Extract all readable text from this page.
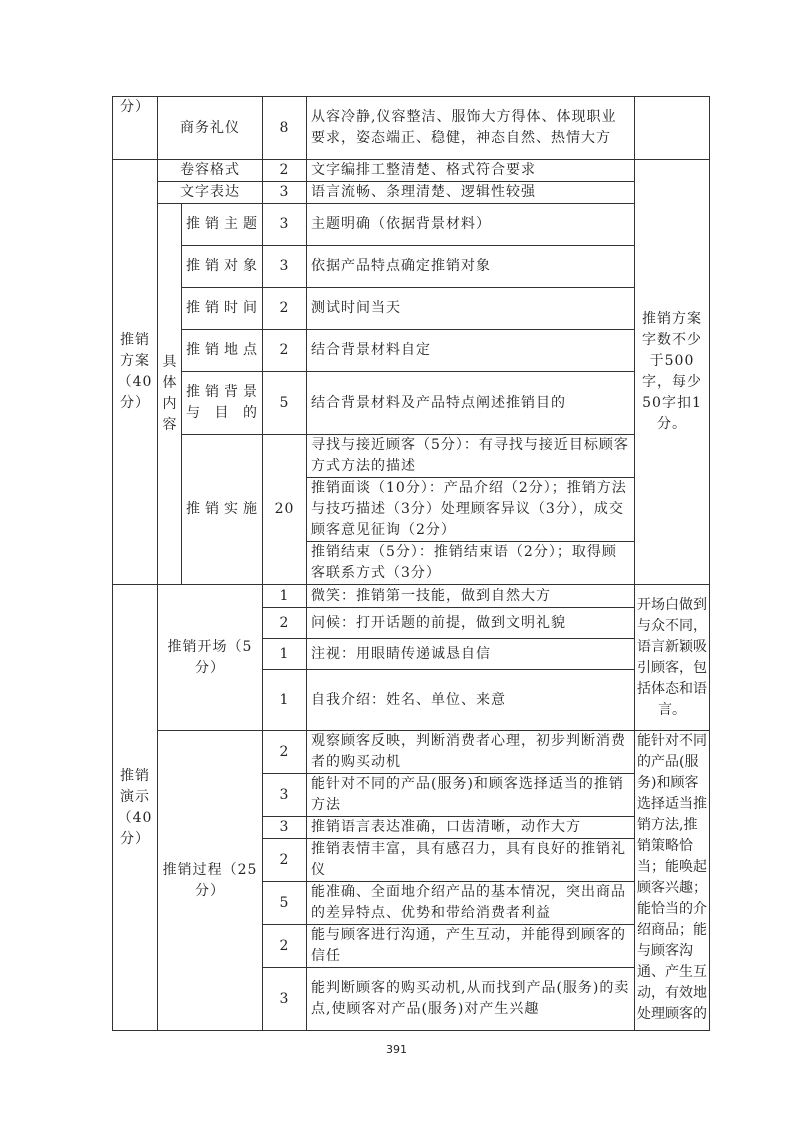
分）	商务礼仪		8	从容冷静,仪容整洁、服饰大方得体、体现职业要求，姿态端正、稳健，神态自然、热情大方	
推销方案（40分）	卷容格式		2	文字编排工整清楚、格式符合要求	推销方案字数不少于500字，每少50字扣1分。
	文字表达		3	语言流畅、条理清楚、逻辑性较强	
	具体内容	推销主题	3	主题明确（依据背景材料）	
		推销对象	3	依据产品特点确定推销对象	
		推销时间	2	测试时间当天	
		推销地点	2	结合背景材料自定	
		推销背景与目的	5	结合背景材料及产品特点阐述推销目的	
		推销实施	20	寻找与接近顾客（5分）：有寻找与接近目标顾客方式方法的描述	
				推销面谈（10分）：产品介绍（2分）；推销方法与技巧描述（3分）处理顾客异议（3分），成交顾客意见征询（2分）	
				推销结束（5分）：推销结束语（2分）；取得顾客联系方式（3分）	
推销演示（40分）	推销开场（5分）		1	微笑：推销第一技能，做到自然大方	开场白做到与众不同，语言新颖吸引顾客，包括体态和语言。
			2	问候：打开话题的前提，做到文明礼貌	
			1	注视：用眼睛传递诚恳自信	
			1	自我介绍：姓名、单位、来意	
	推销过程（25分）		2	观察顾客反映，判断消费者心理，初步判断消费者的购买动机	能针对不同的产品(服务)和顾客选择适当推销方法,推销策略恰当；能唤起顾客兴趣；能恰当的介绍商品；能与顾客沟通、产生互动，有效地处理顾客的
			3	能针对不同的产品(服务)和顾客选择适当的推销方法	
			3	推销语言表达准确，口齿清晰，动作大方	
			2	推销表情丰富，具有感召力，具有良好的推销礼仪	
			5	能准确、全面地介绍产品的基本情况，突出商品的差异特点、优势和带给消费者利益	
			2	能与顾客进行沟通，产生互动，并能得到顾客的信任	
			3	能判断顾客的购买动机,从而找到产品(服务)的卖点,使顾客对产品(服务)对产生兴趣	
391
